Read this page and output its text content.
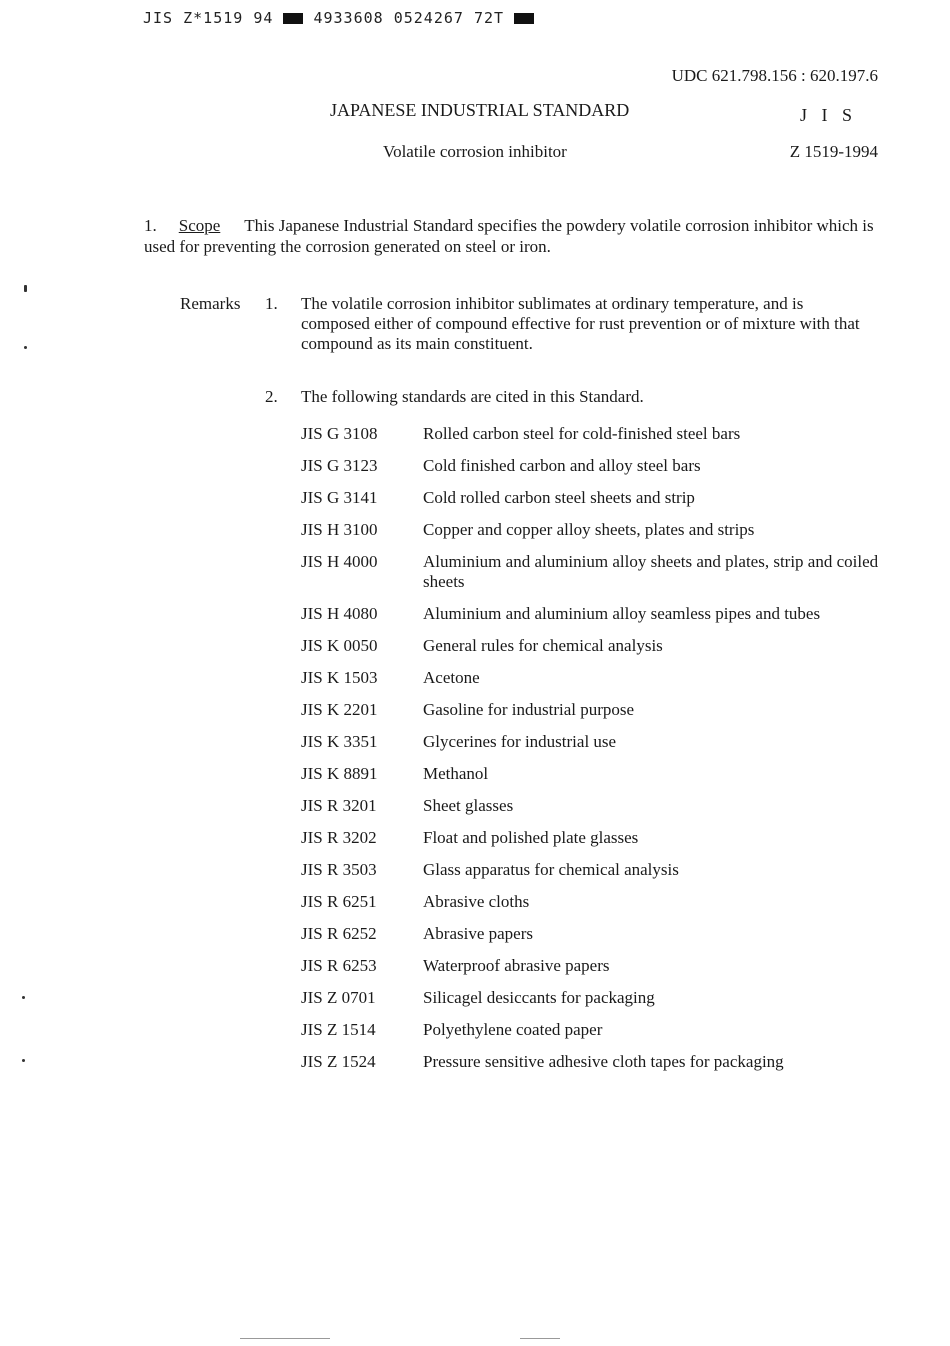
JIS Z*1519 94	4933608 0524267 72T
UDC 621.798.156 : 620.197.6
JAPANESE INDUSTRIAL STANDARD	J I S
Volatile corrosion inhibitor	Z 1519-1994
1. Scope This Japanese Industrial Standard specifies the powdery volatile corrosion inhibitor which is used for preventing the corrosion generated on steel or iron.
Remarks	1.	The volatile corrosion inhibitor sublimates at ordinary temperature, and is composed either of compound effective for rust prevention or of mixture with that compound as its main constituent.
2.	The following standards are cited in this Standard.
JIS G 3108	Rolled carbon steel for cold-finished steel bars
JIS G 3123	Cold finished carbon and alloy steel bars
JIS G 3141	Cold rolled carbon steel sheets and strip
JIS H 3100	Copper and copper alloy sheets, plates and strips
JIS H 4000	Aluminium and aluminium alloy sheets and plates, strip and coiled sheets
JIS H 4080	Aluminium and aluminium alloy seamless pipes and tubes
JIS K 0050	General rules for chemical analysis
JIS K 1503	Acetone
JIS K 2201	Gasoline for industrial purpose
JIS K 3351	Glycerines for industrial use
JIS K 8891	Methanol
JIS R 3201	Sheet glasses
JIS R 3202	Float and polished plate glasses
JIS R 3503	Glass apparatus for chemical analysis
JIS R 6251	Abrasive cloths
JIS R 6252	Abrasive papers
JIS R 6253	Waterproof abrasive papers
JIS Z 0701	Silicagel desiccants for packaging
JIS Z 1514	Polyethylene coated paper
JIS Z 1524	Pressure sensitive adhesive cloth tapes for packaging
